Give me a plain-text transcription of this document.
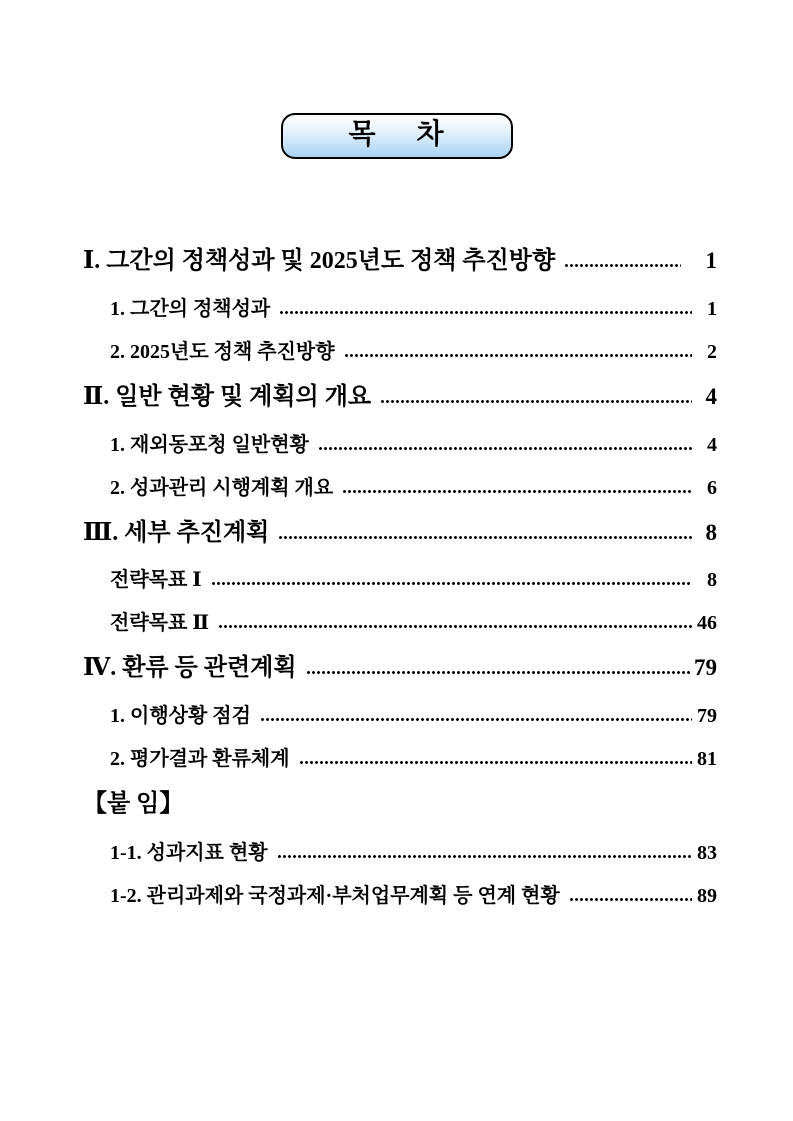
목 차
Ⅰ. 그간의 정책성과 및 2025년도 정책 추진방향	1
1. 그간의 정책성과	1
2. 2025년도 정책 추진방향	2
Ⅱ. 일반 현황 및 계획의 개요	4
1. 재외동포청 일반현황	4
2. 성과관리 시행계획 개요	6
Ⅲ. 세부 추진계획	8
전략목표 Ⅰ	8
전략목표 Ⅱ	46
Ⅳ. 환류 등 관련계획	79
1. 이행상황 점검	79
2. 평가결과 환류체계	81
【붙 임】
1-1. 성과지표 현황	83
1-2. 관리과제와 국정과제·부처업무계획 등 연계 현황	89
